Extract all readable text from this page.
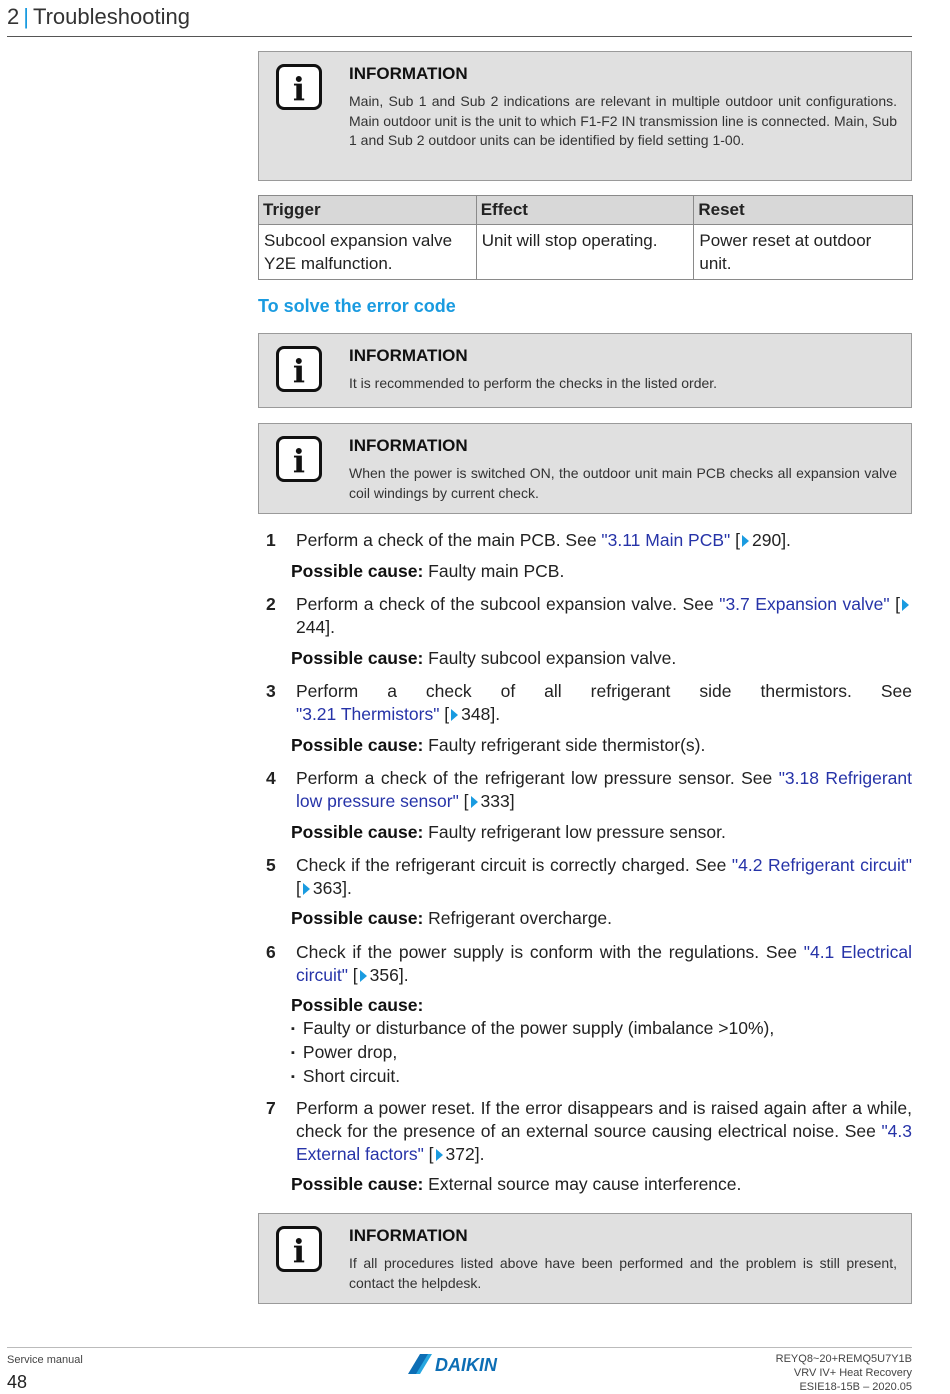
2 | Troubleshooting
i	INFORMATION
Main, Sub 1 and Sub 2 indications are relevant in multiple outdoor unit configurations. Main outdoor unit is the unit to which F1-F2 IN transmission line is connected. Main, Sub 1 and Sub 2 outdoor units can be identified by field setting 1-00.
Trigger	Effect	Reset
Subcool expansion valve Y2E malfunction.	Unit will stop operating.	Power reset at outdoor unit.
To solve the error code
i	INFORMATION
It is recommended to perform the checks in the listed order.
i	INFORMATION
When the power is switched ON, the outdoor unit main PCB checks all expansion valve coil windings by current check.
1 Perform a check of the main PCB. See "3.11 Main PCB" [ 290].
Possible cause: Faulty main PCB.
2 Perform a check of the subcool expansion valve. See "3.7 Expansion valve" [244].
Possible cause: Faulty subcool expansion valve.
3 Perform a check of all refrigerant side thermistors. See
"3.21 Thermistors" [ 348].
Possible cause: Faulty refrigerant side thermistor(s).
4 Perform a check of the refrigerant low pressure sensor. See "3.18 Refrigerant low pressure sensor" [ 333]
Possible cause: Faulty refrigerant low pressure sensor.
5 Check if the refrigerant circuit is correctly charged. See "4.2 Refrigerant circuit" [ 363].
Possible cause: Refrigerant overcharge.
6 Check if the power supply is conform with the regulations. See "4.1 Electrical circuit" [ 356].
Possible cause:
▪ Faulty or disturbance of the power supply (imbalance >10%),
▪ Power drop,
▪ Short circuit.
7 Perform a power reset. If the error disappears and is raised again after a while, check for the presence of an external source causing electrical noise. See "4.3 External factors" [ 372].
Possible cause: External source may cause interference.
i	INFORMATION
If all procedures listed above have been performed and the problem is still present, contact the helpdesk.
Service manual
48
DAIKIN	REYQ8~20+REMQ5U7Y1B
VRV IV+ Heat Recovery
ESIE18-15B – 2020.05
